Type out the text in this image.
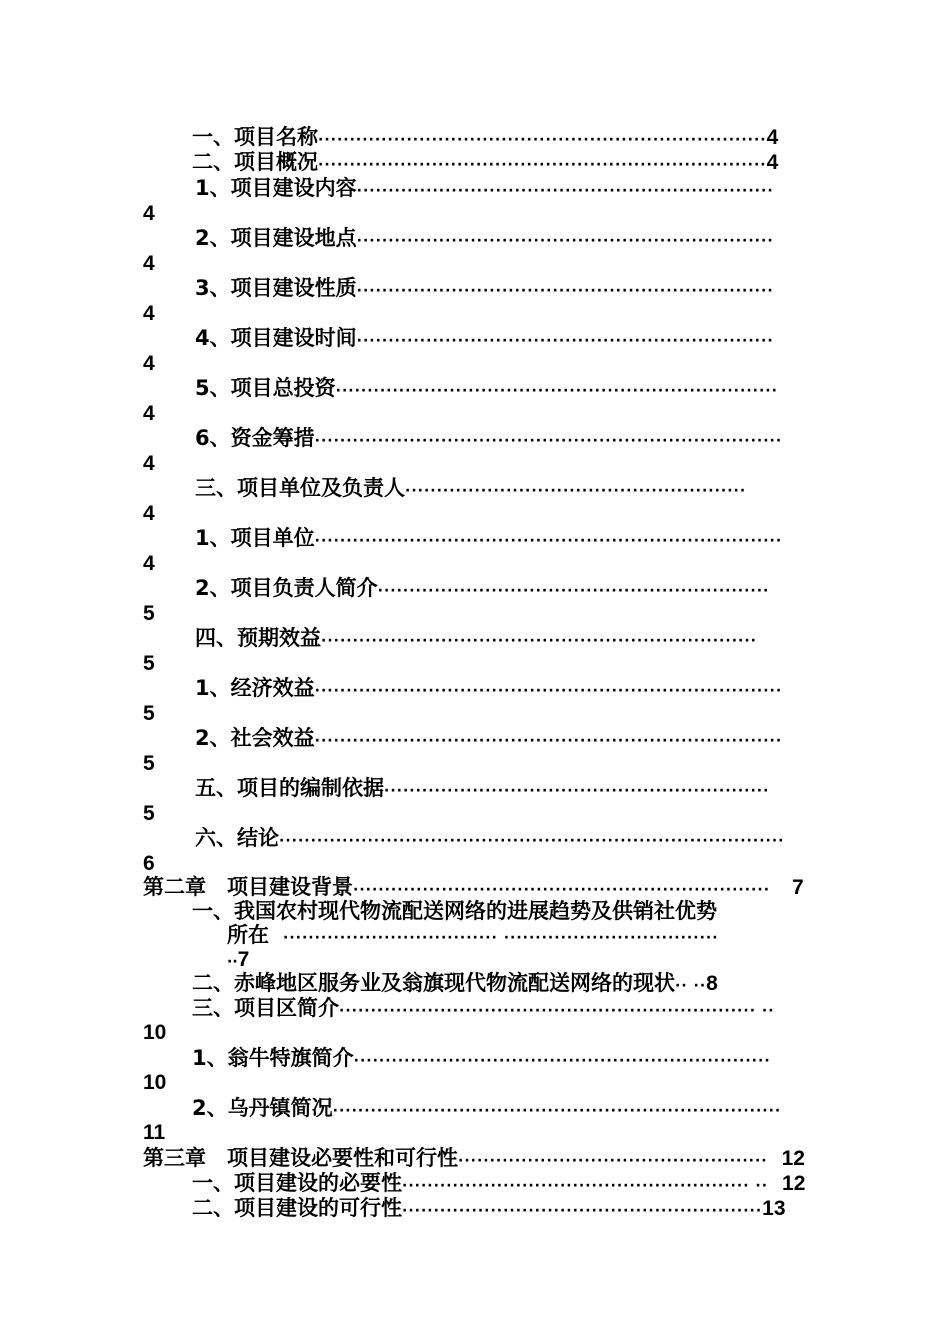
一、项目名称·······································································4
二、项目概况·······································································4
1、项目建设内容··································································
4
2、项目建设地点··································································
4
3、项目建设性质··································································
4
4、项目建设时间··································································
4
5、项目总投资······································································
4
6、资金筹措··········································································
4
三、项目单位及负责人······················································
4
1、项目单位··········································································
4
2、项目负责人简介······························································
5
四、预期效益·····································································
5
1、经济效益··········································································
5
2、社会效益··········································································
5
五、项目的编制依据·····························································
5
六、结论················································································
6
第二章　项目建设背景·································································· 7
一、我国农村现代物流配送网络的进展趋势及供销社优势
所在 ·································· ··································
··7
二、赤峰地区服务业及翁旗现代物流配送网络的现状·· ··8
三、项目区简介·································································· ··
10
1、翁牛特旗简介··································································
10
2、乌丹镇简况·······································································
11
第三章　项目建设必要性和可行性················································· 12
一、项目建设的必要性······················································· ·· 12
二、项目建设的可行性·························································13
